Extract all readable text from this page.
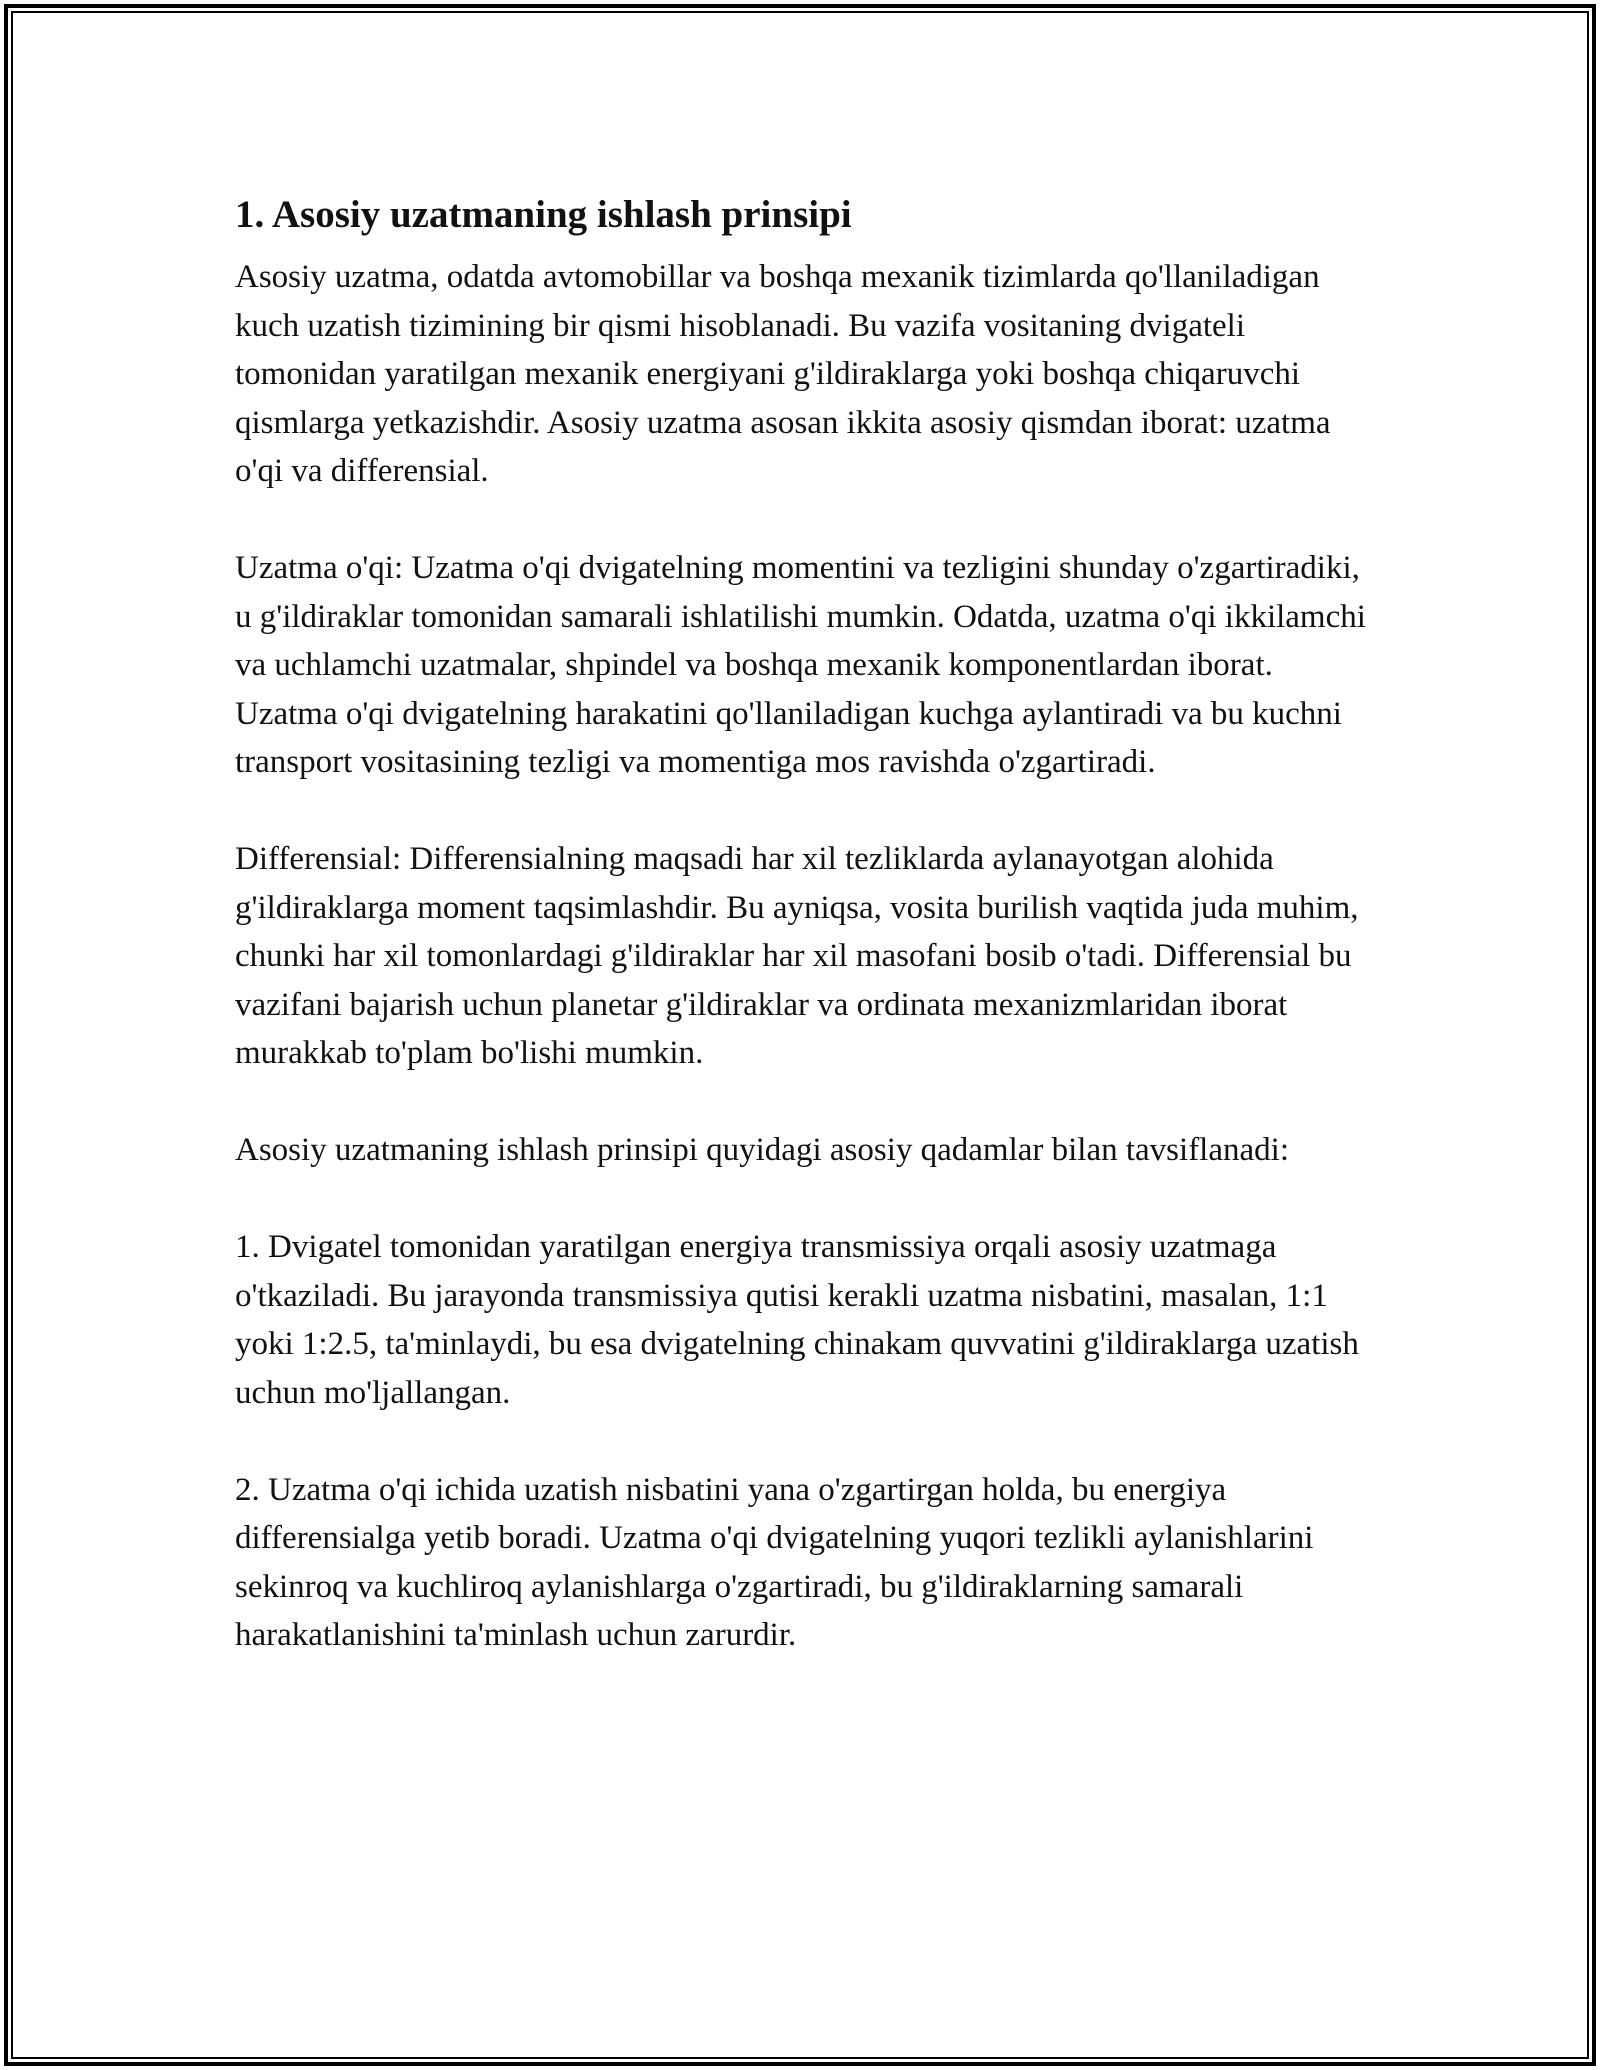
1. Asosiy uzatmaning ishlash prinsipi

Asosiy uzatma, odatda avtomobillar va boshqa mexanik tizimlarda qo'llaniladigan kuch uzatish tizimining bir qismi hisoblanadi. Bu vazifa vositaning dvigateli tomonidan yaratilgan mexanik energiyani g'ildiraklarga yoki boshqa chiqaruvchi qismlarga yetkazishdir. Asosiy uzatma asosan ikkita asosiy qismdan iborat: uzatma o'qi va differensial.

Uzatma o'qi: Uzatma o'qi dvigatelning momentini va tezligini shunday o'zgartiradiki, u g'ildiraklar tomonidan samarali ishlatilishi mumkin. Odatda, uzatma o'qi ikkilamchi va uchlamchi uzatmalar, shpindel va boshqa mexanik komponentlardan iborat. Uzatma o'qi dvigatelning harakatini qo'llaniladigan kuchga aylantiradi va bu kuchni transport vositasining tezligi va momentiga mos ravishda o'zgartiradi.

Differensial: Differensialning maqsadi har xil tezliklarda aylanayotgan alohida g'ildiraklarga moment taqsimlashdir. Bu ayniqsa, vosita burilish vaqtida juda muhim, chunki har xil tomonlardagi g'ildiraklar har xil masofani bosib o'tadi. Differensial bu vazifani bajarish uchun planetar g'ildiraklar va ordinata mexanizmlaridan iborat murakkab to'plam bo'lishi mumkin.

Asosiy uzatmaning ishlash prinsipi quyidagi asosiy qadamlar bilan tavsiflanadi:

1. Dvigatel tomonidan yaratilgan energiya transmissiya orqali asosiy uzatmaga o'tkaziladi. Bu jarayonda transmissiya qutisi kerakli uzatma nisbatini, masalan, 1:1 yoki 1:2.5, ta'minlaydi, bu esa dvigatelning chinakam quvvatini g'ildiraklarga uzatish uchun mo'ljallangan.

2. Uzatma o'qi ichida uzatish nisbatini yana o'zgartirgan holda, bu energiya differensialga yetib boradi. Uzatma o'qi dvigatelning yuqori tezlikli aylanishlarini sekinroq va kuchliroq aylanishlarga o'zgartiradi, bu g'ildiraklarning samarali harakatlanishini ta'minlash uchun zarurdir.
